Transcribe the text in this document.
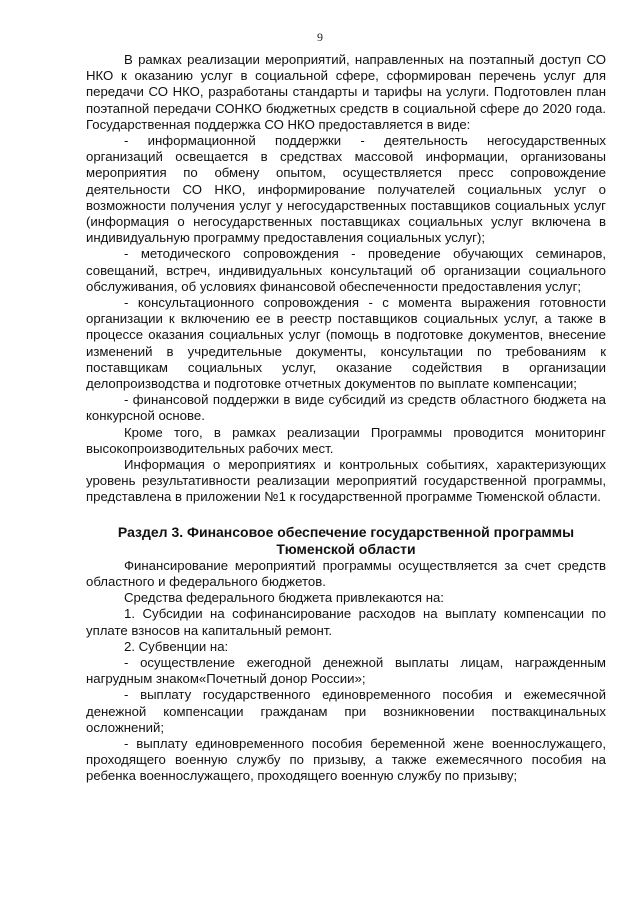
9

В рамках реализации мероприятий, направленных на поэтапный доступ СО НКО к оказанию услуг в социальной сфере, сформирован перечень услуг для передачи СО НКО, разработаны стандарты и тарифы на услуги. Подготовлен план поэтапной передачи СОНКО бюджетных средств в социальной сфере до 2020 года. Государственная поддержка СО НКО предоставляется в виде:

- информационной поддержки - деятельность негосударственных организаций освещается в средствах массовой информации, организованы мероприятия по обмену опытом, осуществляется пресс сопровождение деятельности СО НКО, информирование получателей социальных услуг о возможности получения услуг у негосударственных поставщиков социальных услуг (информация о негосударственных поставщиках социальных услуг включена в индивидуальную программу предоставления социальных услуг);

- методического сопровождения - проведение обучающих семинаров, совещаний, встреч, индивидуальных консультаций об организации социального обслуживания, об условиях финансовой обеспеченности предоставления услуг;

- консультационного сопровождения - с момента выражения готовности организации к включению ее в реестр поставщиков социальных услуг, а также в процессе оказания социальных услуг (помощь в подготовке документов, внесение изменений в учредительные документы, консультации по требованиям к поставщикам социальных услуг, оказание содействия в организации делопроизводства и подготовке отчетных документов по выплате компенсации;

- финансовой поддержки в виде субсидий из средств областного бюджета на конкурсной основе.

Кроме того, в рамках реализации Программы проводится мониторинг высокопроизводительных рабочих мест.

Информация о мероприятиях и контрольных событиях, характеризующих уровень результативности реализации мероприятий государственной программы, представлена в приложении №1 к государственной программе Тюменской области.

Раздел 3. Финансовое обеспечение государственной программы Тюменской области

Финансирование мероприятий программы осуществляется за счет средств областного и федерального бюджетов.

Средства федерального бюджета привлекаются на:

1. Субсидии на софинансирование расходов на выплату компенсации по уплате взносов на капитальный ремонт.

2. Субвенции на:

- осуществление ежегодной денежной выплаты лицам, награжденным нагрудным знаком«Почетный донор России»;

- выплату государственного единовременного пособия и ежемесячной денежной компенсации гражданам при возникновении поствакцинальных осложнений;

- выплату единовременного пособия беременной жене военнослужащего, проходящего военную службу по призыву, а также ежемесячного пособия на ребенка военнослужащего, проходящего военную службу по призыву;
